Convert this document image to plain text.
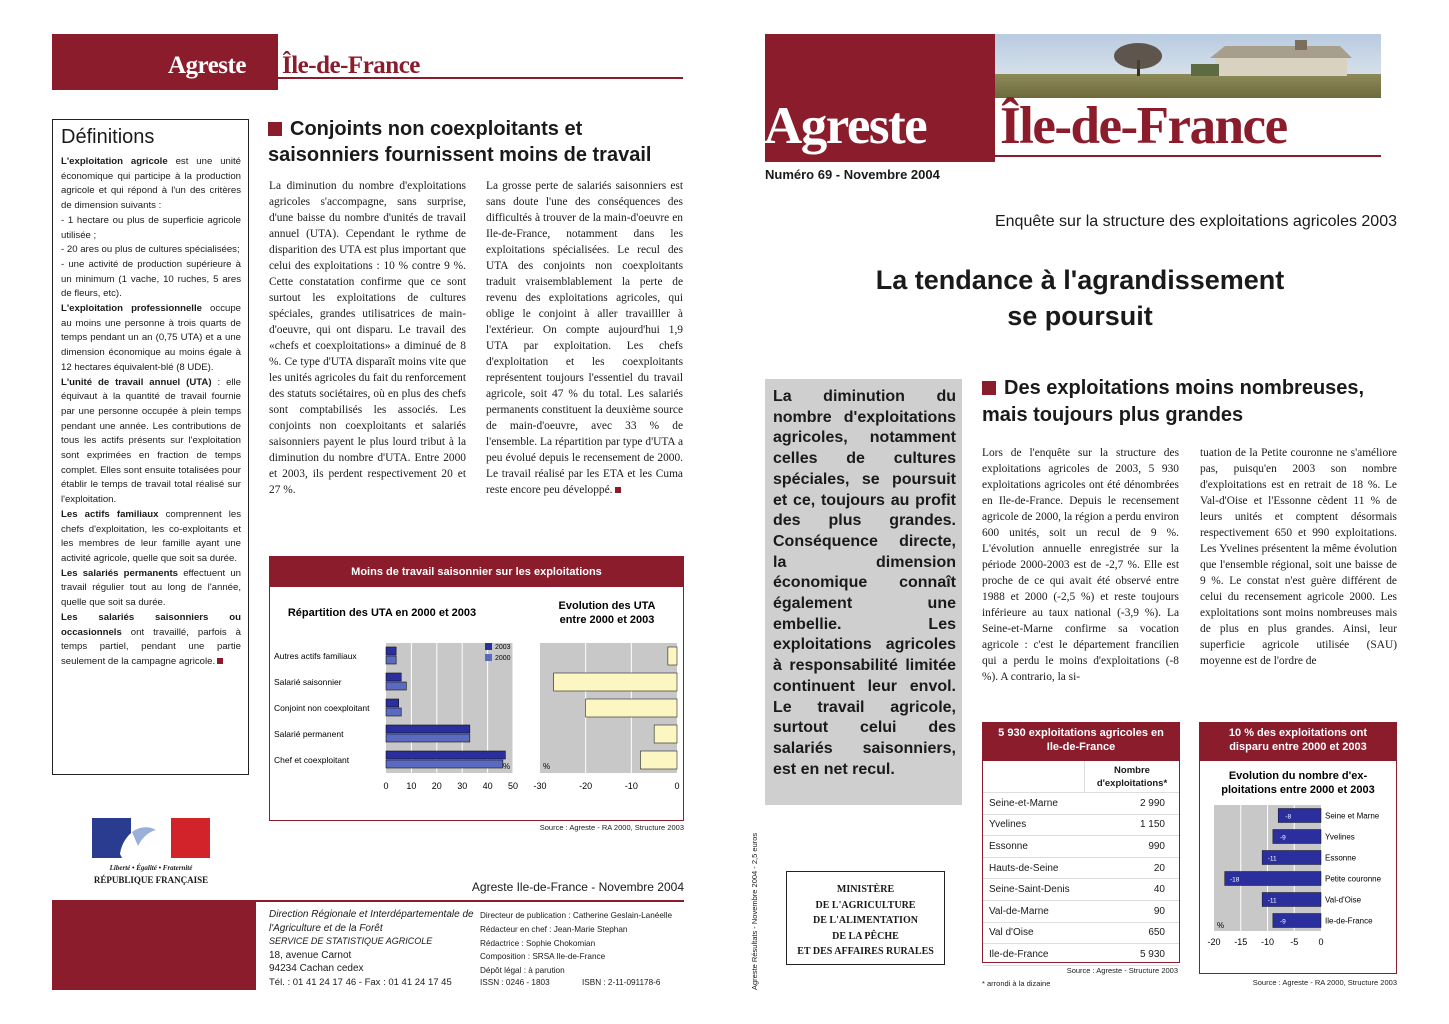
Agreste Île-de-France
Définitions

L'exploitation agricole est une unité économique qui participe à la production agricole et qui répond à l'un des critères de dimension suivants :

- 1 hectare ou plus de superficie agricole utilisée ;

- 20 ares ou plus de cultures spécialisées;

- une activité de production supérieure à un minimum (1 vache, 10 ruches, 5 ares de fleurs, etc).

L'exploitation professionnelle occupe au moins une personne à trois quarts de temps pendant un an (0,75 UTA) et a une dimension économique au moins égale à 12 hectares équivalent-blé (8 UDE).

L'unité de travail annuel (UTA) : elle équivaut à la quantité de travail fournie par une personne occupée à plein temps pendant une année. Les contributions de tous les actifs présents sur l'exploitation sont exprimées en fraction de temps complet. Elles sont ensuite totalisées pour établir le temps de travail total réalisé sur l'exploitation.

Les actifs familiaux comprennent les chefs d'exploitation, les co-exploitants et les membres de leur famille ayant une activité agricole, quelle que soit sa durée.

Les salariés permanents effectuent un travail régulier tout au long de l'année, quelle que soit sa durée.

Les salariés saisonniers ou occasionnels ont travaillé, parfois à temps partiel, pendant une partie seulement de la campagne agricole.

Conjoints non coexploitants et saisonniers fournissent moins de travail
La diminution du nombre d'exploitations agricoles s'accompagne, sans surprise, d'une baisse du nombre d'unités de travail annuel (UTA). Cependant le rythme de disparition des UTA est plus important que celui des exploitations : 10 % contre 9 %. Cette constatation confirme que ce sont surtout les exploitations de cultures spéciales, grandes utilisatrices de main-d'oeuvre, qui ont disparu. Le travail des «chefs et coexploitations» a diminué de 8 %. Ce type d'UTA disparaît moins vite que les unités agricoles du fait du renforcement des statuts sociétaires, où en plus des chefs sont comptabilisés les associés. Les conjoints non coexploitants et salariés saisonniers payent le plus lourd tribut à la diminution du nombre d'UTA. Entre 2000 et 2003, ils perdent respectivement 20 et 27 %.
La grosse perte de salariés saisonniers est sans doute l'une des conséquences des difficultés à trouver de la main-d'oeuvre en Ile-de-France, notamment dans les exploitations spécialisées. Le recul des UTA des conjoints non coexploitants traduit vraisemblablement la perte de revenu des exploitations agricoles, qui oblige le conjoint à aller travailller à l'extérieur. On compte aujourd'hui 1,9 UTA par exploitation. Les chefs d'exploitation et les coexploitants représentent toujours l'essentiel du travail agricole, soit 47 % du total. Les salariés permanents constituent la deuxième source de main-d'oeuvre, avec 33 % de l'ensemble. La répartition par type d'UTA a peu évolué depuis le recensement de 2000. Le travail réalisé par les ETA et les Cuma reste encore peu développé.
Moins de travail saisonnier sur les exploitations
Répartition des UTA en 2000 et 2003
Evolution des UTA
entre 2000 et 2003
0 10 20 30 40 50
Autres actifs familiaux
Salarié saisonnier
Conjoint non coexploitant
Salarié permanent
Chef et coexploitant
%
2003
2000
-30	-20	-10	0
%
Source : Agreste - RA 2000, Structure 2003
Liberté • Égalité • Fraternité
RÉPUBLIQUE FRANÇAISE	Agreste Ile-de-France - Novembre 2004
Direction Régionale et Interdépartementale de l'Agriculture et de la Forêt
SERVICE DE STATISTIQUE AGRICOLE
18, avenue Carnot
94234 Cachan cedex
Tél. : 01 41 24 17 46 - Fax : 01 41 24 17 45
Directeur de publication : Catherine Geslain-Lanéelle
Rédacteur en chef : Jean-Marie Stephan
Rédactrice : Sophie Chokomian
Composition : SRSA Ile-de-France
Dépôt légal : à parution
ISSN : 0246 - 1803	ISBN : 2-11-091178-6
Agreste Île-de-France
Numéro 69 - Novembre 2004
Enquête sur la structure des exploitations agricoles 2003
La tendance à l'agrandissement
se poursuit
La diminution du nombre d'exploitations agricoles, notamment celles de cultures spéciales, se poursuit et ce, toujours au profit des plus grandes. Conséquence directe, la dimension économique connaît également une embellie. Les exploitations agricoles à responsabilité limitée continuent leur envol. Le travail agricole, surtout celui des salariés saisonniers, est en net recul.
Agreste Résultats - Novembre 2004 - 2,5 euros	MINISTÈRE
DE L'AGRICULTURE
DE L'ALIMENTATION
DE LA PÊCHE
ET DES AFFAIRES RURALES
Des exploitations moins nombreuses, mais toujours plus grandes
Lors de l'enquête sur la structure des exploitations agricoles de 2003, 5 930 exploitations agricoles ont été dénombrées en Ile-de-France. Depuis le recensement agricole de 2000, la région a perdu environ 600 unités, soit un recul de 9 %. L'évolution annuelle enregistrée sur la période 2000-2003 est de -2,7 %. Elle est proche de ce qui avait été observé entre 1988 et 2000 (-2,5 %) et reste toujours inférieure au taux national (-3,9 %). La Seine-et-Marne confirme sa vocation agricole : c'est le département francilien qui a perdu le moins d'exploitations (-8 %). A contrario, la si-
tuation de la Petite couronne ne s'améliore pas, puisqu'en 2003 son nombre d'exploitations est en retrait de 18 %. Le Val-d'Oise et l'Essonne cèdent 11 % de leurs unités et comptent désormais respectivement 650 et 990 exploitations. Les Yvelines présentent la même évolution que l'ensemble régional, soit une baisse de 9 %. Le constat n'est guère différent de celui du recensement agricole 2000. Les exploitations sont moins nombreuses mais de plus en plus grandes. Ainsi, leur superficie agricole utilisée (SAU) moyenne est de l'ordre de
5 930 exploitations agricoles en Ile-de-France
Nombre d'exploitations*
Seine-et-Marne	2 990
Yvelines	1 150
Essonne	990
Hauts-de-Seine	20
Seine-Saint-Denis	40
Val-de-Marne	90
Val d'Oise	650
Ile-de-France	5 930
Source : Agreste - Structure 2003
* arrondi à la dizaine
10 % des exploitations ont disparu entre 2000 et 2003
Evolution du nombre d'ex-
ploitations entre 2000 et 2003
-20 -15 -10 -5 0
-8	Seine et Marne
-9	Yvelines
-11	Essonne
-18	Petite couronne
-11	Val-d'Oise
-9	Ile-de-France
%
Source : Agreste - RA 2000, Structure 2003
